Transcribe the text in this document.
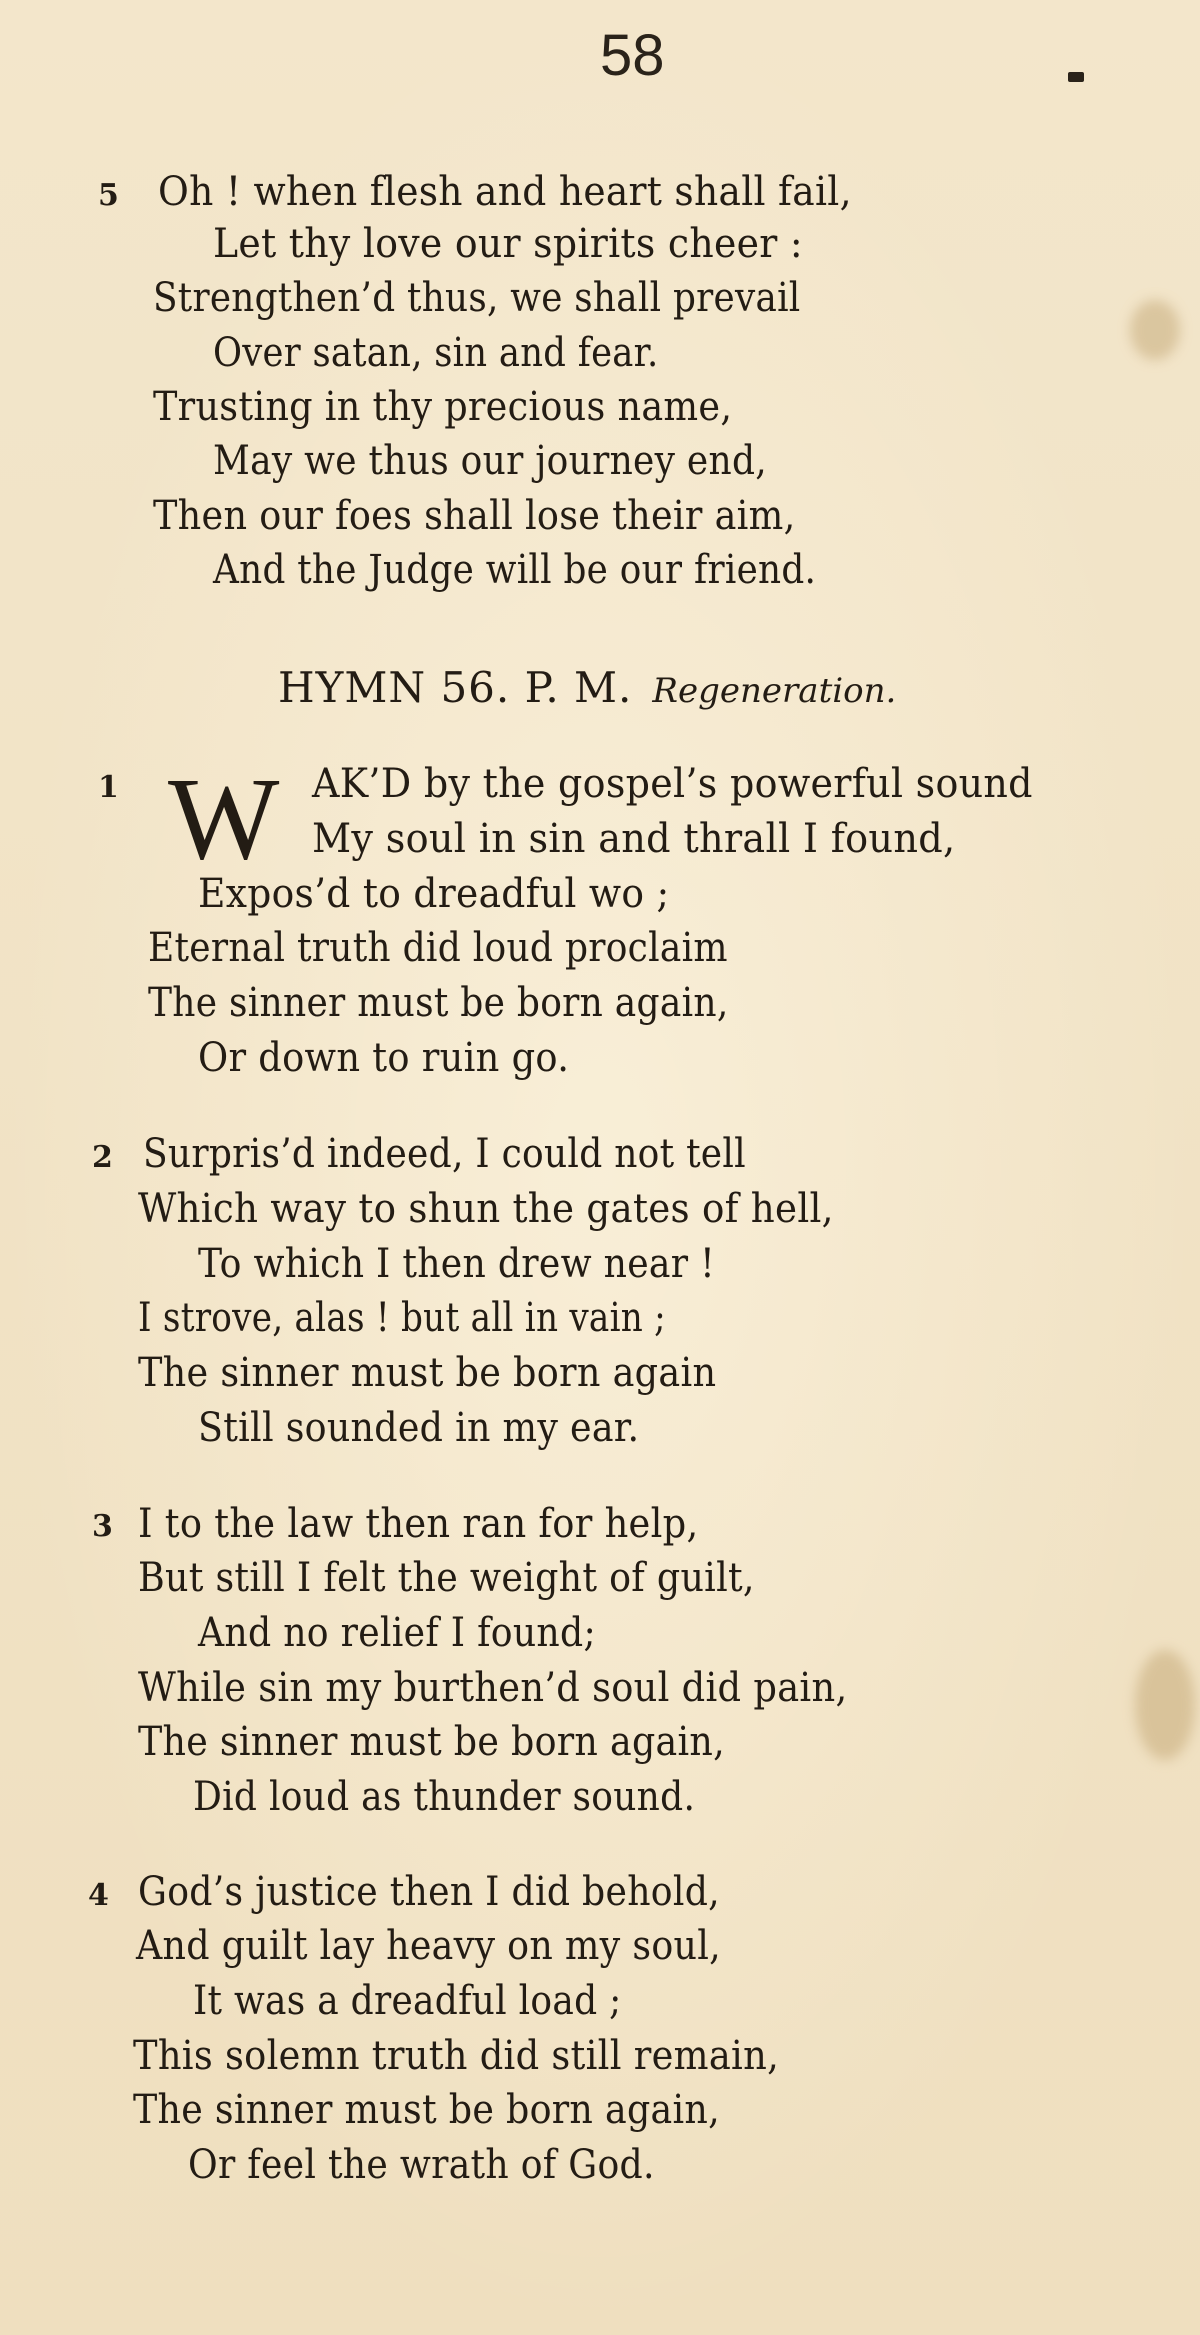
58
5 Oh ! when flesh and heart shall fail,
Let thy love our spirits cheer :
Strengthen’d thus, we shall prevail
Over satan, sin and fear.
Trusting in thy precious name,
May we thus our journey end,
Then our foes shall lose their aim,
And the Judge will be our friend.
HYMN 56. P. M. Regeneration.
1 W AK’D by the gospel’s powerful sound
My soul in sin and thrall I found,
Expos’d to dreadful wo ;
Eternal truth did loud proclaim
The sinner must be born again,
Or down to ruin go.
2 Surpris’d indeed, I could not tell
Which way to shun the gates of hell,
To which I then drew near !
I strove, alas ! but all in vain ;
The sinner must be born again
Still sounded in my ear.
3 I to the law then ran for help,
But still I felt the weight of guilt,
And no relief I found;
While sin my burthen’d soul did pain,
The sinner must be born again,
Did loud as thunder sound.
4 God’s justice then I did behold,
And guilt lay heavy on my soul,
It was a dreadful load ;
This solemn truth did still remain,
The sinner must be born again,
Or feel the wrath of God.
